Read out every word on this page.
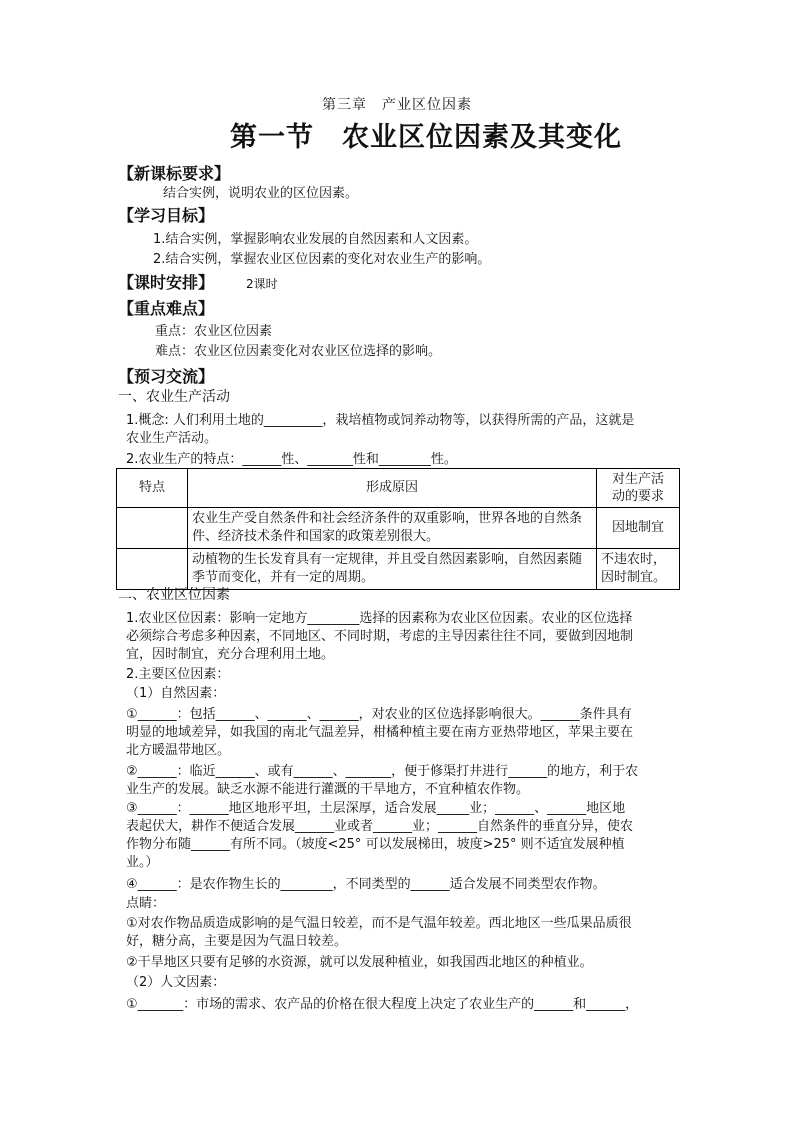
第三章　产业区位因素
第一节　农业区位因素及其变化
【新课标要求】
结合实例，说明农业的区位因素。
【学习目标】
1.结合实例，掌握影响农业发展的自然因素和人文因素。
2.结合实例，掌握农业区位因素的变化对农业生产的影响。
【课时安排】	2课时
【重点难点】
重点：农业区位因素
难点：农业区位因素变化对农业区位选择的影响。
【预习交流】
一、农业生产活动
1.概念: 人们利用土地的_________，栽培植物或饲养动物等，以获得所需的产品，这就是
农业生产活动。
2.农业生产的特点：______性、_______性和________性。
特点	形成原因	对生产活
动的要求

	农业生产受自然条件和社会经济条件的双重影响，世界各地的自然条件、经济技术条件和国家的政策差别很大。	因地制宜
	动植物的生长发育具有一定规律，并且受自然因素影响，自然因素随季节而变化，并有一定的周期。	不违农时，因时制宜。
二、农业区位因素
1.农业区位因素：影响一定地方________选择的因素称为农业区位因素。农业的区位选择
必须综合考虑多种因素，不同地区、不同时期，考虑的主导因素往往不同，要做到因地制
宜，因时制宜，充分合理利用土地。
2.主要区位因素：
（1）自然因素：
①______：包括______、______、______，对农业的区位选择影响很大。______条件具有
明显的地域差异，如我国的南北气温差异，柑橘种植主要在南方亚热带地区，苹果主要在
北方暖温带地区。
②______：临近______、或有______、_______，便于修渠打井进行______的地方，利于农
业生产的发展。缺乏水源不能进行灌溉的干旱地方，不宜种植农作物。
③______：______地区地形平坦，土层深厚，适合发展_____业；______、______地区地
表起伏大，耕作不便适合发展______业或者______业；______自然条件的垂直分异，使农
作物分布随______有所不同。（坡度<25° 可以发展梯田，坡度>25° 则不适宜发展种植
业。）
④______：是农作物生长的________，不同类型的______适合发展不同类型农作物。
点睛：
①对农作物品质造成影响的是气温日较差，而不是气温年较差。西北地区一些瓜果品质很
好，糖分高，主要是因为气温日较差。
②干旱地区只要有足够的水资源，就可以发展种植业，如我国西北地区的种植业。
（2）人文因素：
①_______：市场的需求、农产品的价格在很大程度上决定了农业生产的______和______，
